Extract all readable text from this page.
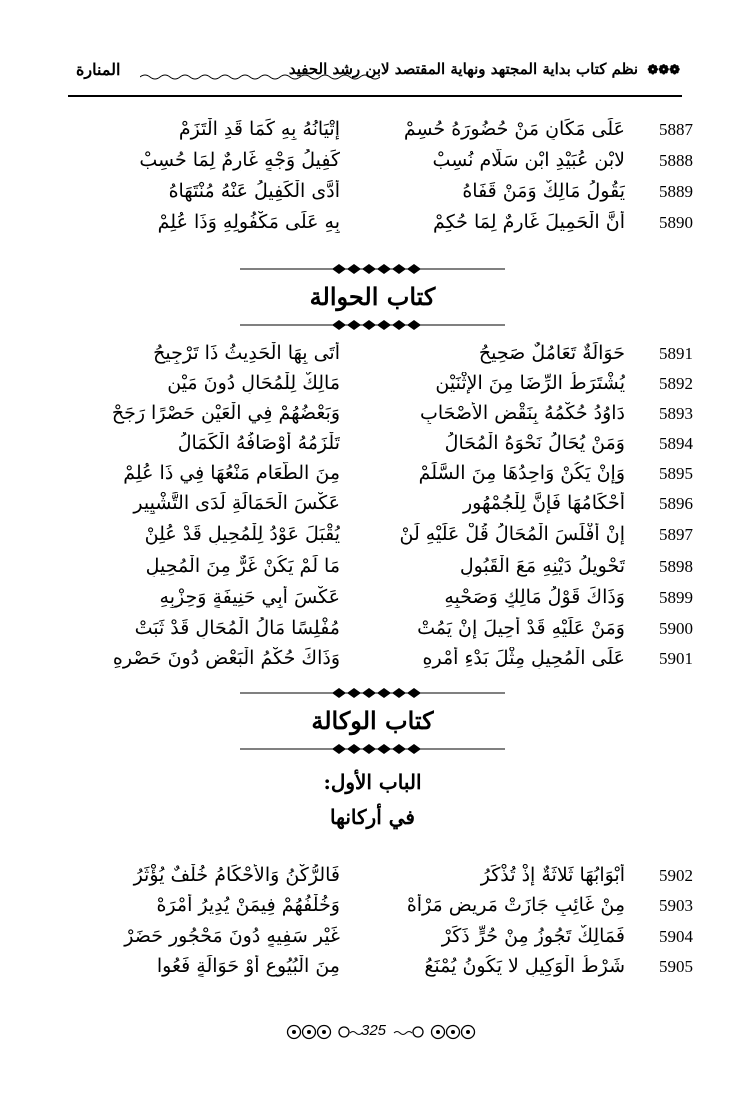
❁❁❁ نظم كتاب بداية المجتهد ونهاية المقتصد لابن رشد الحفيد
المنارة
5887
عَلَى مَكَانٍ مَنْ حُضُورَهُ حُسِمْ
إتْيَانُهُ بِهِ كَمَا قَدِ الْتَزَمْ
5888
لابْنِ عُبَيْدِ ابْنِ سَلَّامٍ نُسِبْ
كَفِيلُ وَجْهٍ غَارِمٌ لِمَا حُسِبْ
5889
يَقُولُ مَالِكٌ وَمَنْ قَفَاهُ
أَدَّى الْكَفِيلُ عَنْهُ مُنْتَهَاهُ
5890
أَنَّ الْحَمِيلَ غَارِمٌ لِمَا حُكِمْ
بِهِ عَلَى مَكْفُولِهِ وَذَا عُلِمْ
كتاب الحوالة
5891
حَوَالَةٌ تَعَامُلٌ صَحِيحُ
أَتَى بِهَا الْحَدِيثُ ذَا تَرْجِيحُ
5892
يُشْتَرَطُ الرِّضَا مِنَ الإِثْنَيْنِ
مَالِكٌ لِلْمُحَالِ دُونَ مَيْنِ
5893
دَاوُدُ حُكْمُهُ بِنَقْضِ الأَصْحَابِ
وَبَعْضُهُمْ فِي الْعَيْنِ حَصْرًا رَجَحْ
5894
وَمَنْ يُحَالُ نَحْوَهُ الْمُحَالُ
تَلْزَمُهُ أَوْصَافُهُ الْكَمَالُ
5895
وَإِنْ يَكُنْ وَاحِدُهَا مِنَ السَّلَمْ
مِنَ الطَّعَامِ مَنْعُهَا فِي ذَا عُلِمْ
5896
أَحْكَامُهَا فَإِنَّ لِلْجُمْهُورِ
عَكْسَ الْحَمَالَةِ لَدَى التَّشْيِيرِ
5897
إِنْ أَفْلَسَ الْمُحَالُ قُلْ عَلَيْهِ لَنْ
يُقْبَلَ عَوْدُ لِلْمُحِيلِ قَدْ عُلِنْ
5898
تَحْوِيلُ دَيْنِهِ مَعَ الْقَبُولِ
مَا لَمْ يَكُنْ غَرٌّ مِنَ الْمُحِيلِ
5899
وَذَاكَ قَوْلُ مَالِكٍ وَصَحْبِهِ
عَكْسَ أَبِي حَنِيفَةٍ وَحِزْبِهِ
5900
وَمَنْ عَلَيْهِ قَدْ أُحِيلَ إِنْ يَمُتْ
مُفْلِسًا مَالُ الْمُحَالِ قَدْ ثَبَتْ
5901
عَلَى الْمُحِيلِ مِثْلَ بَدْءِ أَمْرِهِ
وَذَاكَ حُكْمُ الْبَعْضِ دُونَ حَصْرِهِ
كتاب الوكالة
الباب الأول:
في أركانها
5902
أَبْوَابُهَا ثَلاثَةٌ إِذْ تُذْكَرُ
فَالرُّكْنُ وَالأَحْكَامُ خُلْفٌ يُؤْثَرُ
5903
مِنْ غَائِبٍ جَازَتْ مَرِيضٍ مَرْأَهْ
وَخُلْفُهُمْ فِيمَنْ يُدِيرُ أَمْرَهْ
5904
فَمَالِكٌ تَجُوزُ مِنْ حُرٍّ ذَكَرْ
غَيْرِ سَفِيهٍ دُونَ مَحْجُورٍ حَضَرْ
5905
شَرْطُ الْوَكِيلِ لا يَكُونُ يُمْنَعُ
مِنَ الْبُيُوعِ أَوْ حَوَالَةٍ فَعُوا
325
